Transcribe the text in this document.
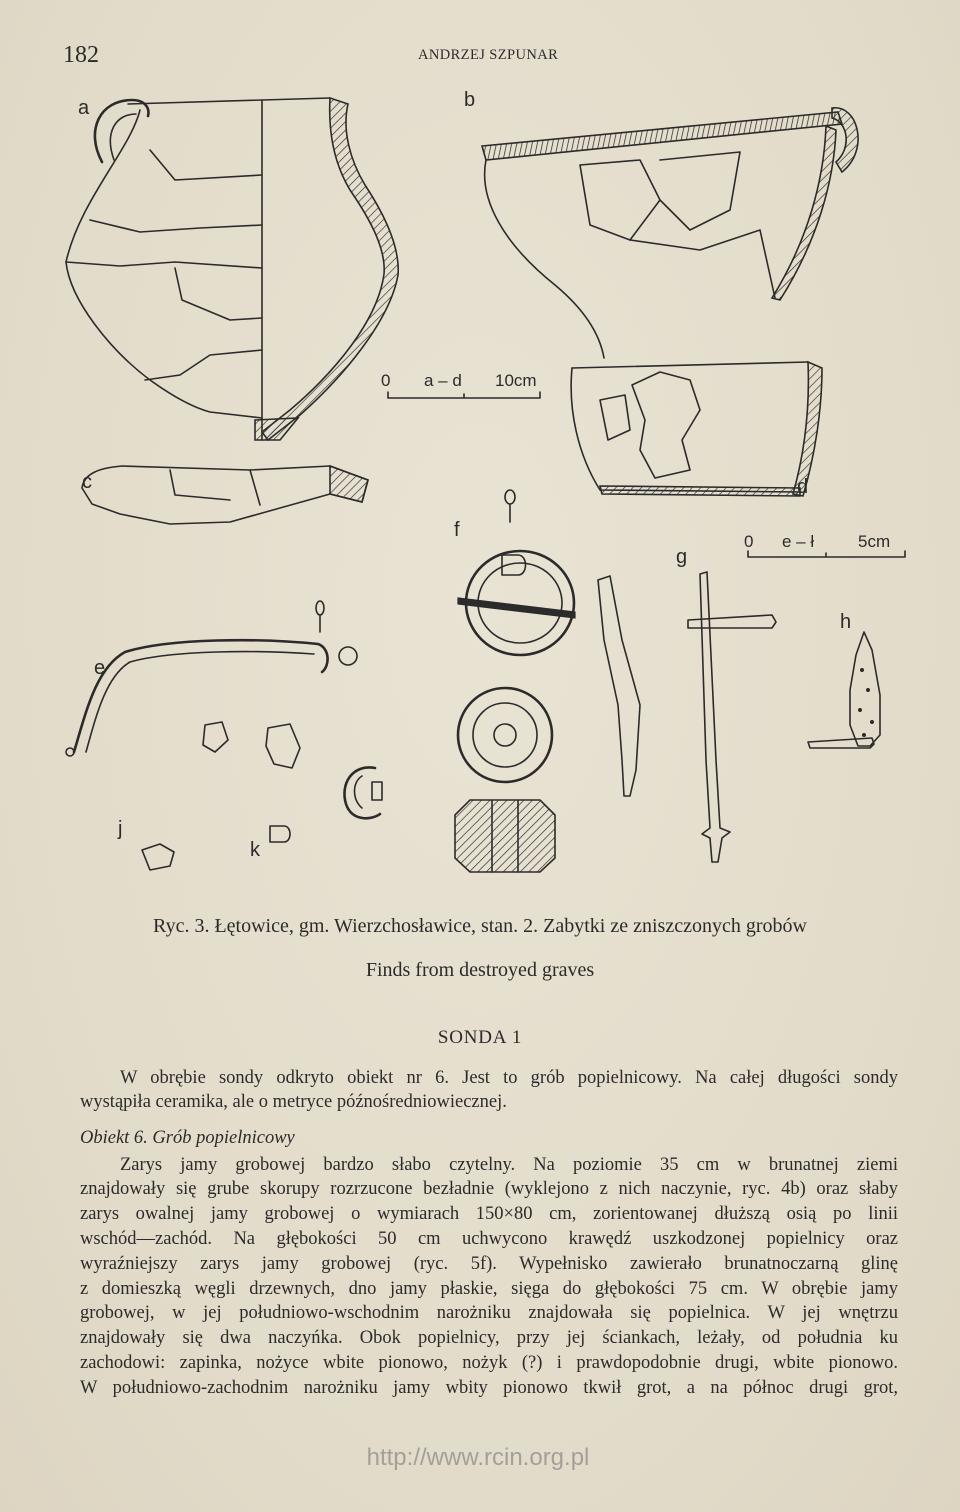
182	ANDRZEJ SZPUNAR
0 a – d 10cm
0 e – ł	5cm
a	b
c	d
e
f
g
h
j
k
Ryc. 3. Łętowice, gm. Wierzchosławice, stan. 2. Zabytki ze zniszczonych grobów
Finds from destroyed graves
SONDA 1
W obrębie sondy odkryto obiekt nr 6. Jest to grób popielnicowy. Na całej długości sondy
wystąpiła ceramika, ale o metryce późnośredniowiecznej.
Obiekt 6. Grób popielnicowy
Zarys jamy grobowej bardzo słabo czytelny. Na poziomie 35 cm w brunatnej ziemi
znajdowały się grube skorupy rozrzucone bezładnie (wyklejono z nich naczynie, ryc. 4b) oraz słaby
zarys owalnej jamy grobowej o wymiarach 150×80 cm, zorientowanej dłuższą osią po linii
wschód—zachód. Na głębokości 50 cm uchwycono krawędź uszkodzonej popielnicy oraz
wyraźniejszy zarys jamy grobowej (ryc. 5f). Wypełnisko zawierało brunatnoczarną glinę
z domieszką węgli drzewnych, dno jamy płaskie, sięga do głębokości 75 cm. W obrębie jamy
grobowej, w jej południowo-wschodnim narożniku znajdowała się popielnica. W jej wnętrzu
znajdowały się dwa naczyńka. Obok popielnicy, przy jej ściankach, leżały, od południa ku
zachodowi: zapinka, nożyce wbite pionowo, nożyk (?) i prawdopodobnie drugi, wbite pionowo.
W południowo-zachodnim narożniku jamy wbity pionowo tkwił grot, a na północ drugi grot,
http://www.rcin.org.pl
